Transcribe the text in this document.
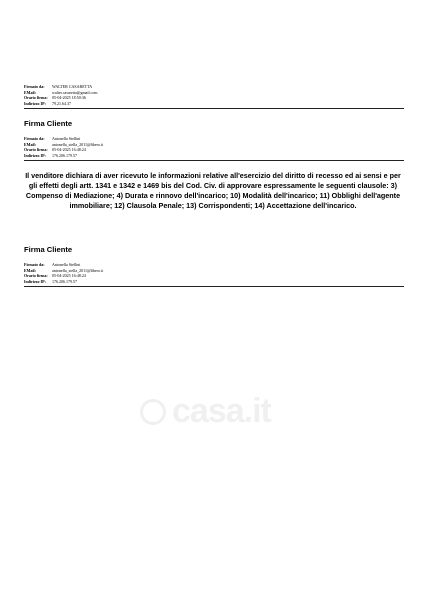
Firmato da:	WALTER CASARETTA
EMail:	walter.casaretta@gmail.com
Orario firma:	05-04-2025 18:50:36
Indirizzo IP:	79.21.64.37
Firma Cliente
Firmato da:	Antonella Stellini
EMail:	antonella_stella_2011@libero.it
Orario firma:	05-04-2025 16:48:24
Indirizzo IP:	176.206.179.57
Il venditore dichiara di aver ricevuto le informazioni relative all'esercizio del diritto di recesso ed ai sensi e per gli effetti degli artt. 1341 e 1342 e 1469 bis del Cod. Civ. di approvare espressamente le seguenti clausole: 3) Compenso di Mediazione; 4) Durata e rinnovo dell'incarico; 10) Modalità dell'incarico; 11) Obblighi dell'agente immobiliare; 12) Clausola Penale; 13) Corrispondenti; 14) Accettazione dell'incarico.
Firma Cliente
Firmato da:	Antonella Stellini
EMail:	antonella_stella_2011@libero.it
Orario firma:	05-04-2025 16:48:24
Indirizzo IP:	176.206.179.57
casa.it
